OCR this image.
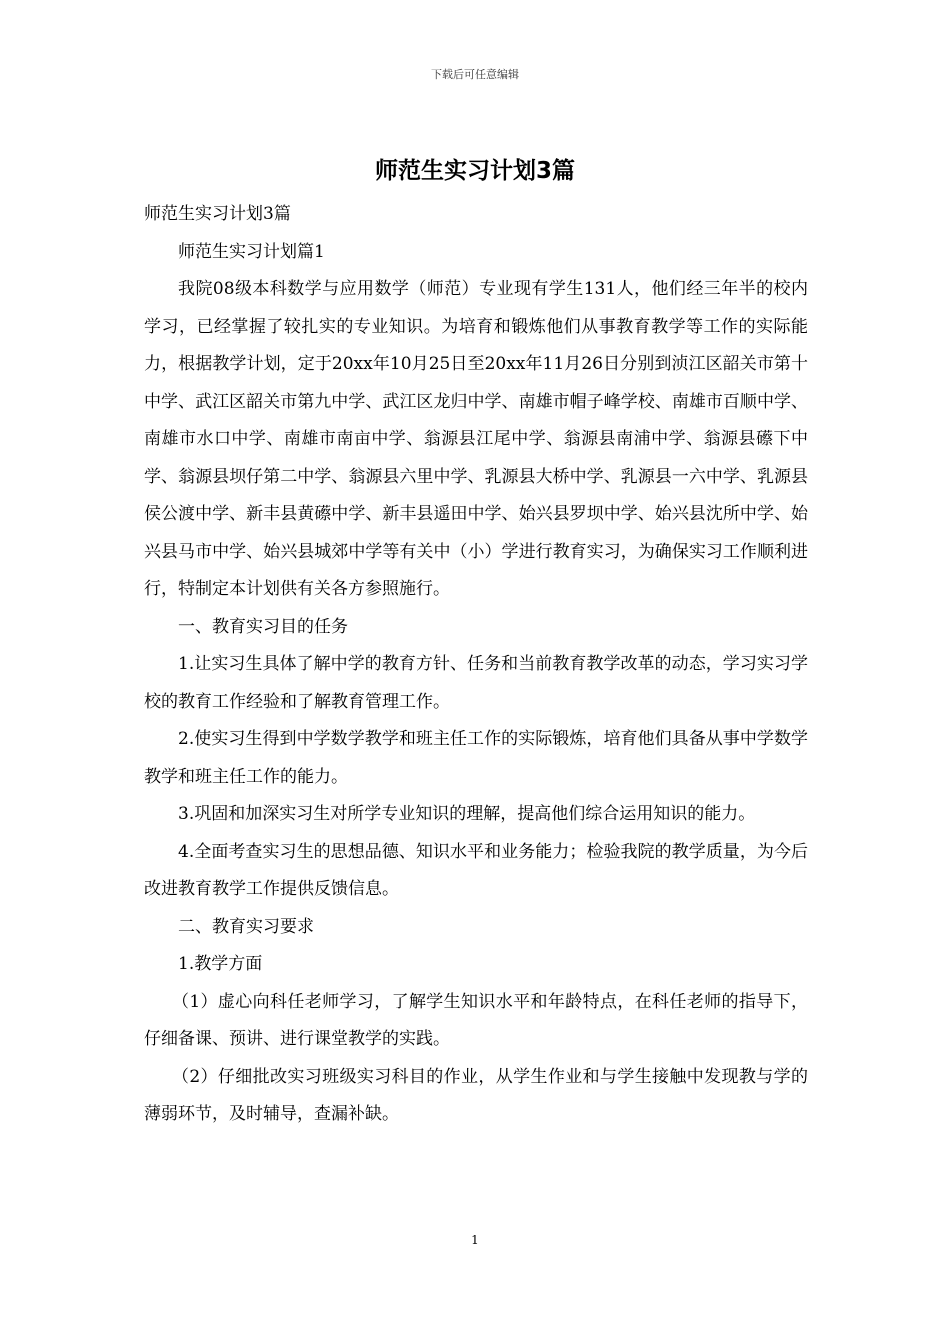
下载后可任意编辑
师范生实习计划3篇

师范生实习计划3篇

师范生实习计划篇1

我院08级本科数学与应用数学（师范）专业现有学生131人，他们经三年半的校内学习，已经掌握了较扎实的专业知识。为培育和锻炼他们从事教育教学等工作的实际能力，根据教学计划，定于20xx年10月25日至20xx年11月26日分别到浈江区韶关市第十中学、武江区韶关市第九中学、武江区龙归中学、南雄市帽子峰学校、南雄市百顺中学、南雄市水口中学、南雄市南亩中学、翁源县江尾中学、翁源县南浦中学、翁源县礤下中学、翁源县坝仔第二中学、翁源县六里中学、乳源县大桥中学、乳源县一六中学、乳源县侯公渡中学、新丰县黄礤中学、新丰县遥田中学、始兴县罗坝中学、始兴县沈所中学、始兴县马市中学、始兴县城郊中学等有关中（小）学进行教育实习，为确保实习工作顺利进行，特制定本计划供有关各方参照施行。

一、教育实习目的任务

1.让实习生具体了解中学的教育方针、任务和当前教育教学改革的动态，学习实习学校的教育工作经验和了解教育管理工作。

2.使实习生得到中学数学教学和班主任工作的实际锻炼，培育他们具备从事中学数学教学和班主任工作的能力。

3.巩固和加深实习生对所学专业知识的理解，提高他们综合运用知识的能力。

4.全面考查实习生的思想品德、知识水平和业务能力；检验我院的教学质量，为今后改进教育教学工作提供反馈信息。

二、教育实习要求

1.教学方面

（1）虚心向科任老师学习，了解学生知识水平和年龄特点，在科任老师的指导下，仔细备课、预讲、进行课堂教学的实践。

（2）仔细批改实习班级实习科目的作业，从学生作业和与学生接触中发现教与学的薄弱环节，及时辅导，查漏补缺。

1
